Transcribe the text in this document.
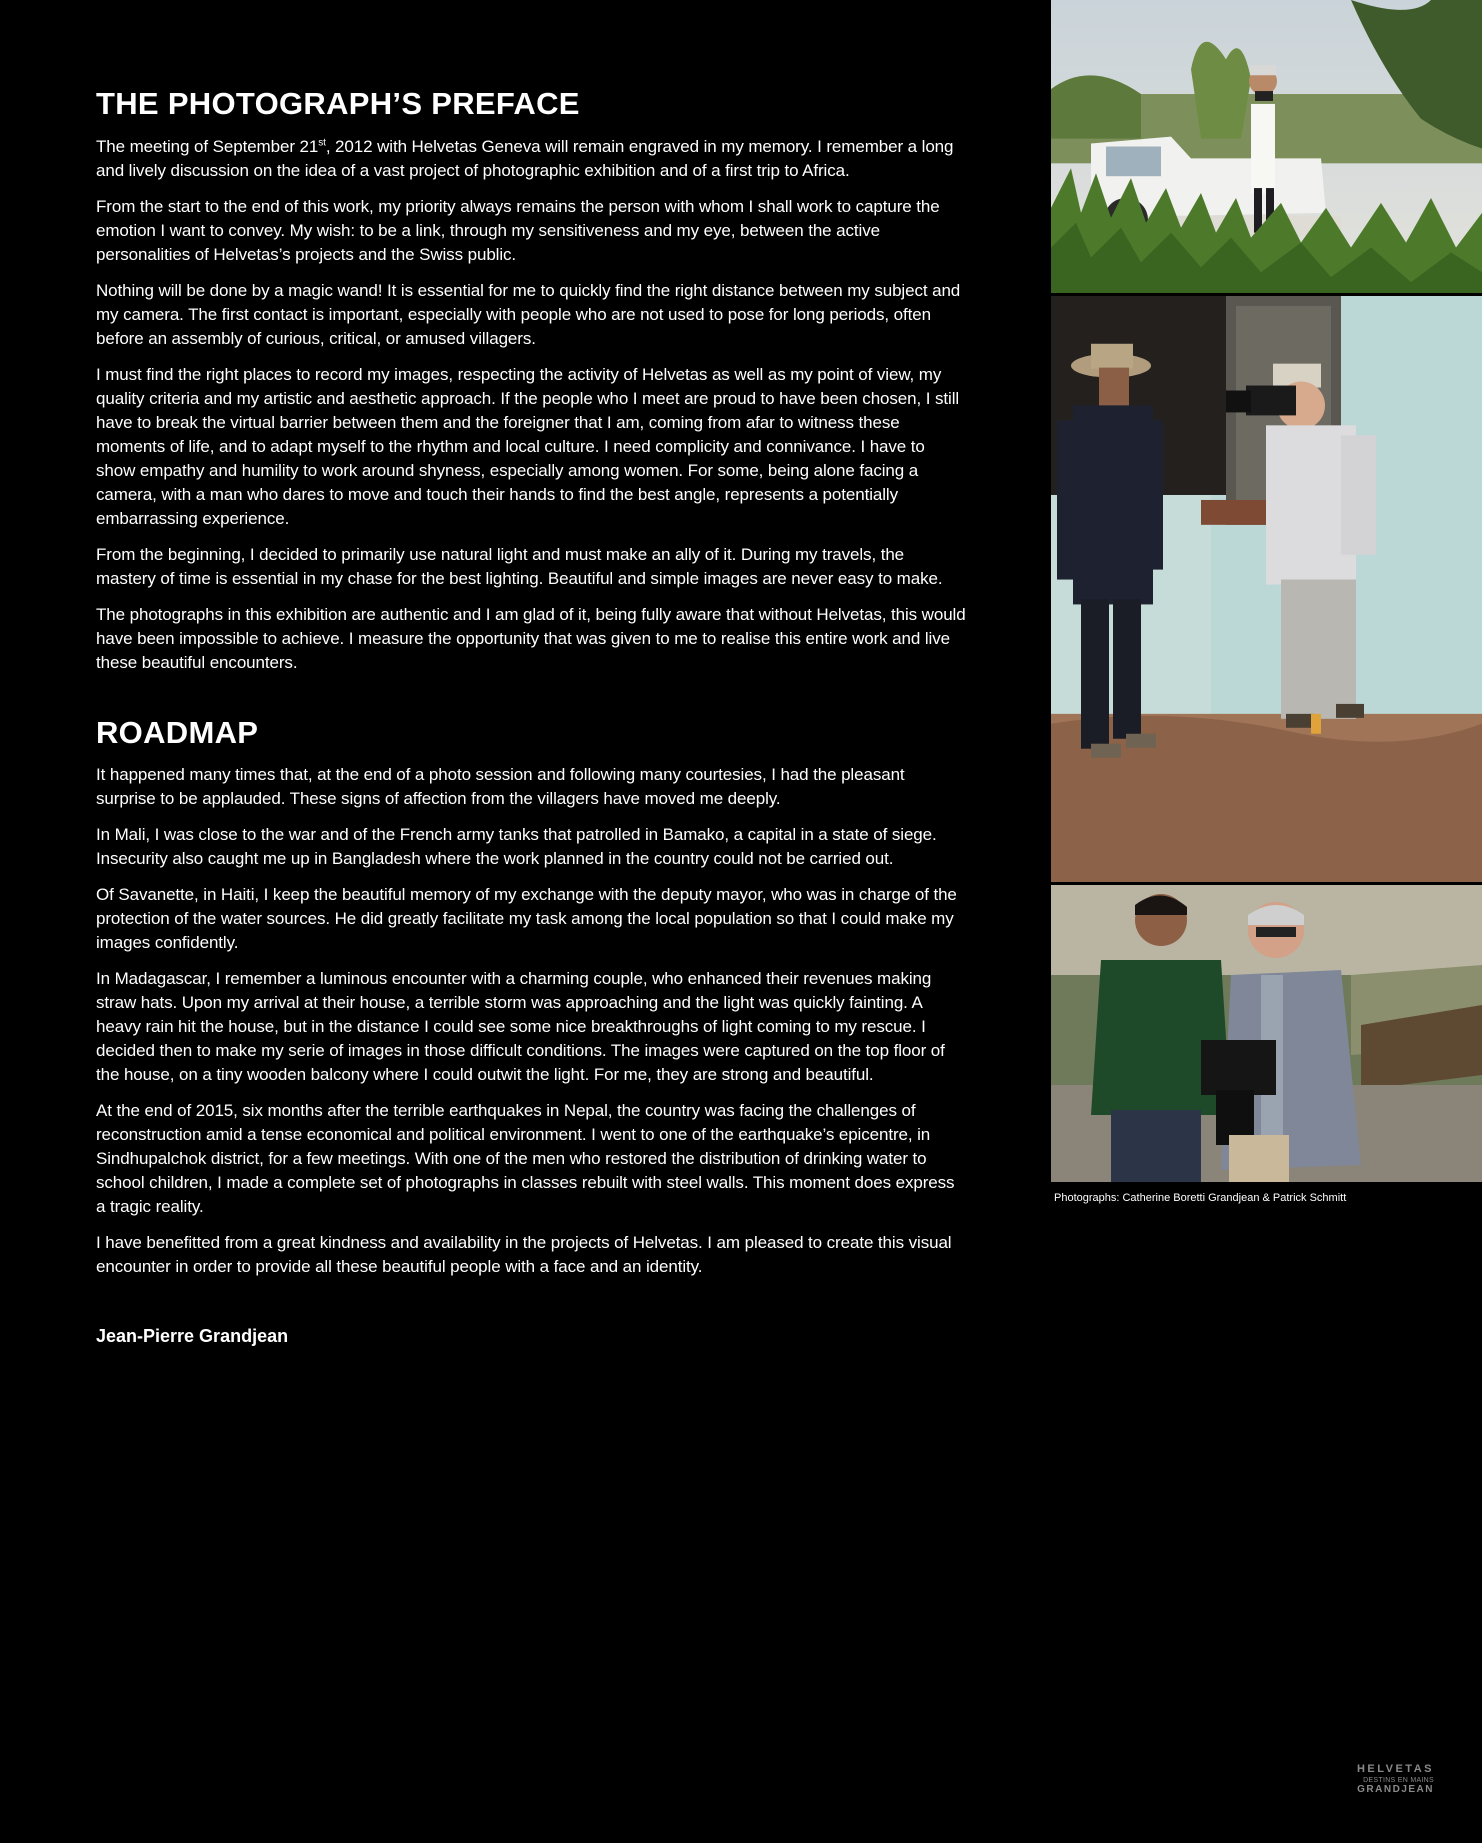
THE PHOTOGRAPH’S PREFACE

The meeting of September 21st, 2012 with Helvetas Geneva will remain engraved in my memory. I remember a long and lively discussion on the idea of a vast project of photographic exhibition and of a first trip to Africa.

From the start to the end of this work, my priority always remains the person with whom I shall work to capture the emotion I want to convey. My wish: to be a link, through my sensitiveness and my eye, between the active personalities of Helvetas’s projects and the Swiss public.

Nothing will be done by a magic wand! It is essential for me to quickly find the right distance between my subject and my camera. The first contact is important, especially with people who are not used to pose for long periods, often before an assembly of curious, critical, or amused villagers.

I must find the right places to record my images, respecting the activity of Helvetas as well as my point of view, my quality criteria and my artistic and aesthetic approach. If the people who I meet are proud to have been chosen, I still have to break the virtual barrier between them and the foreigner that I am, coming from afar to witness these moments of life, and to adapt myself to the rhythm and local culture. I need complicity and connivance. I have to show empathy and humility to work around shyness, especially among women. For some, being alone facing a camera, with a man who dares to move and touch their hands to find the best angle, represents a potentially embarrassing experience.

From the beginning, I decided to primarily use natural light and must make an ally of it. During my travels, the mastery of time is essential in my chase for the best lighting. Beautiful and simple images are never easy to make.

The photographs in this exhibition are authentic and I am glad of it, being fully aware that without Helvetas, this would have been impossible to achieve. I measure the opportunity that was given to me to realise this entire work and live these beautiful encounters.

ROADMAP

It happened many times that, at the end of a photo session and following many courtesies, I had the pleasant surprise to be applauded. These signs of affection from the villagers have moved me deeply.

In Mali, I was close to the war and of the French army tanks that patrolled in Bamako, a capital in a state of siege. Insecurity also caught me up in Bangladesh where the work planned in the country could not be carried out.

Of Savanette, in Haiti, I keep the beautiful memory of my exchange with the deputy mayor, who was in charge of the protection of the water sources. He did greatly facilitate my task among the local population so that I could make my images confidently.

In Madagascar, I remember a luminous encounter with a charming couple, who enhanced their revenues making straw hats. Upon my arrival at their house, a terrible storm was approaching and the light was quickly fainting. A heavy rain hit the house, but in the distance I could see some nice breakthroughs of light coming to my rescue. I decided then to make my serie of images in those difficult conditions. The images were captured on the top floor of the house, on a tiny wooden balcony where I could outwit the light. For me, they are strong and beautiful.

At the end of 2015, six months after the terrible earthquakes in Nepal, the country was facing the challenges of reconstruction amid a tense economical and political environment. I went to one of the earthquake’s epicentre, in Sindhupalchok district, for a few meetings. With one of the men who restored the distribution of drinking water to school children, I made a complete set of photographs in classes rebuilt with steel walls. This moment does express a tragic reality.

I have benefitted from a great kindness and availability in the projects of Helvetas. I am pleased to create this visual encounter in order to provide all these beautiful people with a face and an identity.

Jean-Pierre Grandjean
Photographs: Catherine Boretti Grandjean & Patrick Schmitt
HELVETAS
DESTINS EN MAINS
GRANDJEAN
